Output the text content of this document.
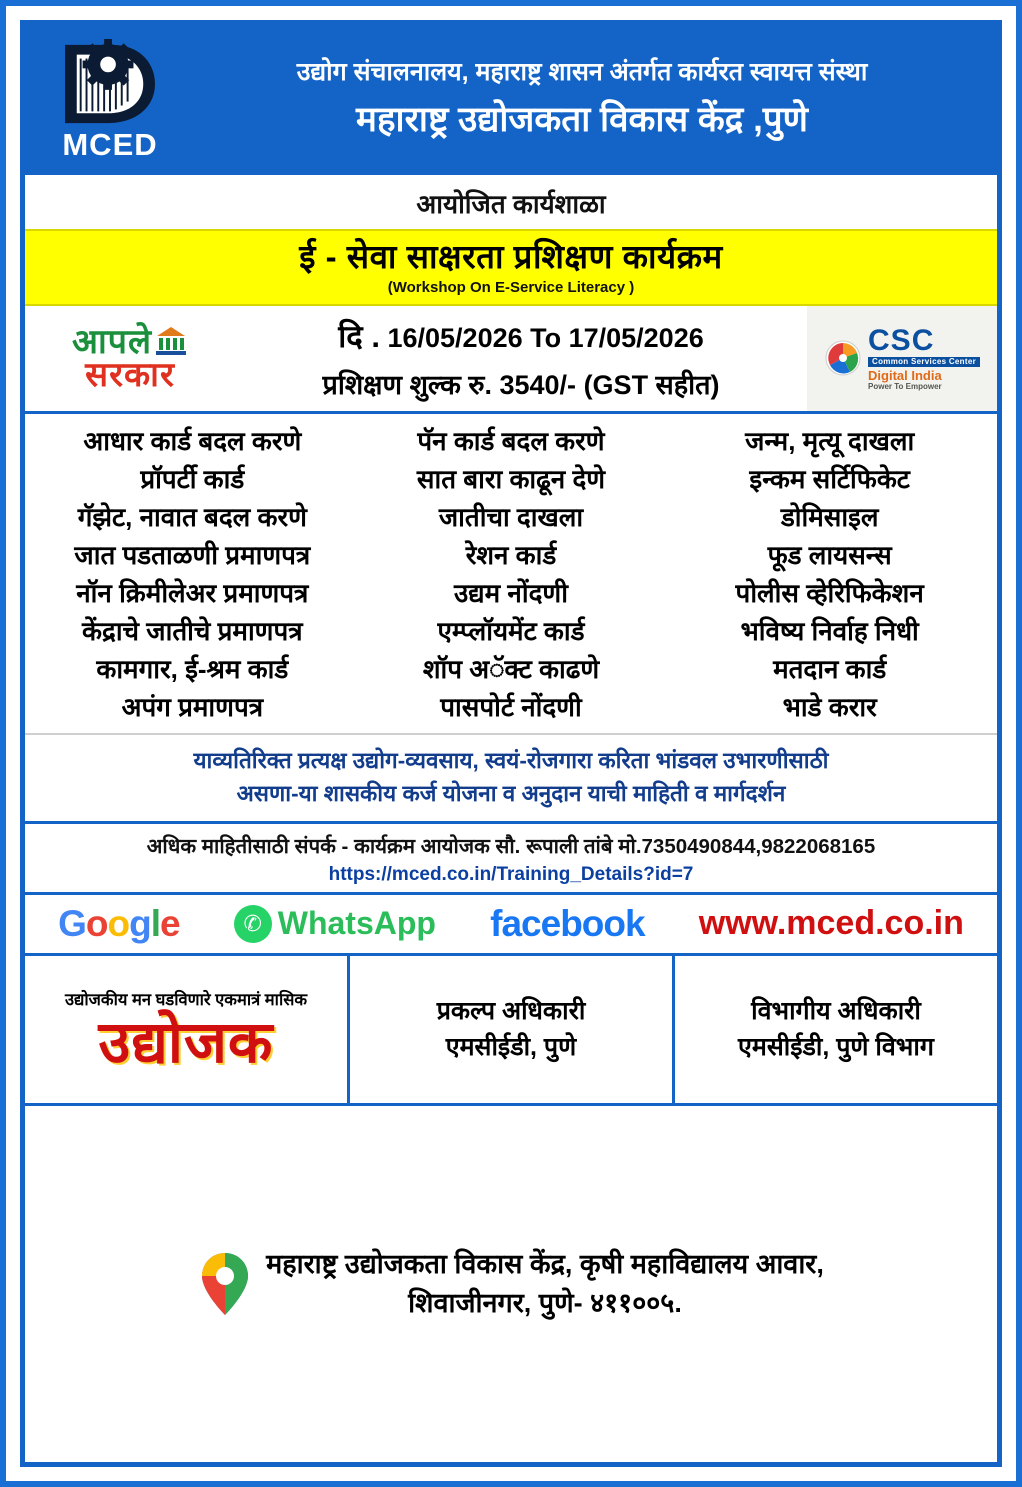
MCED
उद्योग संचालनालय, महाराष्ट्र शासन अंतर्गत कार्यरत स्वायत्त संस्था
महाराष्ट्र उद्योजकता विकास केंद्र ,पुणे
आयोजित कार्यशाळा
ई - सेवा साक्षरता प्रशिक्षण कार्यक्रम
(Workshop On E-Service Literacy )
आपले
सरकार
दि . 16/05/2026 To 17/05/2026
प्रशिक्षण शुल्क रु. 3540/- (GST सहीत)
CSC
Common Services Center
Digital India
Power To Empower
आधार कार्ड बदल करणे	पॅन कार्ड बदल करणे	जन्म, मृत्यू दाखला
प्रॉपर्टी कार्ड	सात बारा काढून देणे	इन्कम सर्टिफिकेट
गॅझेट, नावात बदल करणे	जातीचा दाखला	डोमिसाइल
जात पडताळणी प्रमाणपत्र	रेशन कार्ड	फूड लायसन्स
नॉन क्रिमीलेअर प्रमाणपत्र	उद्यम नोंदणी	पोलीस व्हेरिफिकेशन
केंद्राचे जातीचे प्रमाणपत्र	एम्प्लॉयमेंट कार्ड	भविष्य निर्वाह निधी
कामगार, ई-श्रम कार्ड	शॉप अॅक्ट काढणे	मतदान कार्ड
अपंग प्रमाणपत्र	पासपोर्ट नोंदणी	भाडे करार
याव्यतिरिक्त प्रत्यक्ष उद्योग-व्यवसाय, स्वयं-रोजगारा करिता भांडवल उभारणीसाठी
असणा-या शासकीय कर्ज योजना व अनुदान याची माहिती व मार्गदर्शन
अधिक माहितीसाठी संपर्क - कार्यक्रम आयोजक सौ. रूपाली तांबे मो.7350490844,9822068165
https://mced.co.in/Training_Details?id=7
Google	✆ WhatsApp facebook www.mced.co.in
उद्योजकीय मन घडविणारे एकमात्रं मासिक
उद्योजक	प्रकल्प अधिकारी
एमसीईडी, पुणे
विभागीय अधिकारी
एमसीईडी, पुणे विभाग
महाराष्ट्र उद्योजकता विकास केंद्र, कृषी महाविद्यालय आवार,
शिवाजीनगर, पुणे- ४११००५.
